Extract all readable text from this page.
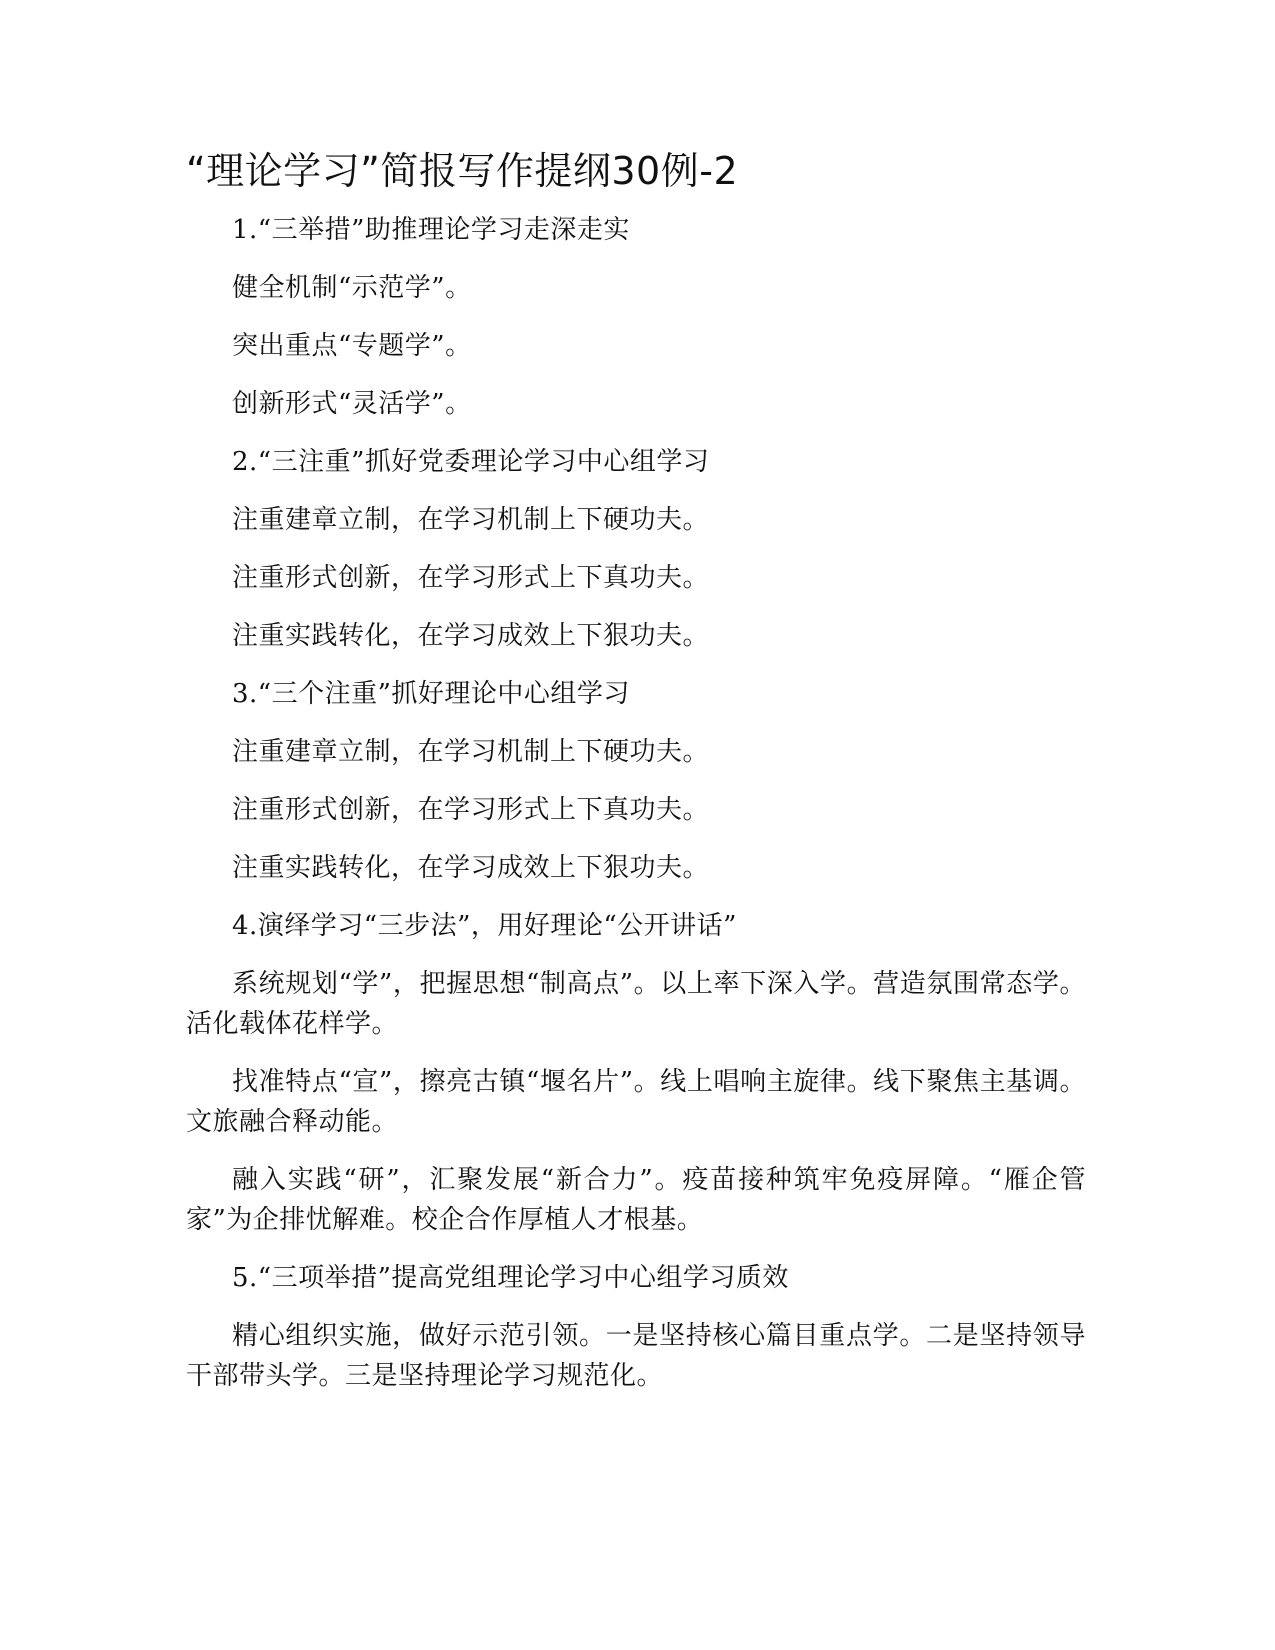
“理论学习”简报写作提纲30例-2

1.“三举措”助推理论学习走深走实

健全机制“示范学”。

突出重点“专题学”。

创新形式“灵活学”。

2.“三注重”抓好党委理论学习中心组学习

注重建章立制，在学习机制上下硬功夫。

注重形式创新，在学习形式上下真功夫。

注重实践转化，在学习成效上下狠功夫。

3.“三个注重”抓好理论中心组学习

注重建章立制，在学习机制上下硬功夫。

注重形式创新，在学习形式上下真功夫。

注重实践转化，在学习成效上下狠功夫。

4.演绎学习“三步法”，用好理论“公开讲话”

系统规划“学”，把握思想“制高点”。以上率下深入学。营造氛围常态学。活化载体花样学。

找准特点“宣”，擦亮古镇“堰名片”。线上唱响主旋律。线下聚焦主基调。文旅融合释动能。

融入实践“研”，汇聚发展“新合力”。疫苗接种筑牢免疫屏障。“雁企管家”为企排忧解难。校企合作厚植人才根基。

5.“三项举措”提高党组理论学习中心组学习质效

精心组织实施，做好示范引领。一是坚持核心篇目重点学。二是坚持领导干部带头学。三是坚持理论学习规范化。
